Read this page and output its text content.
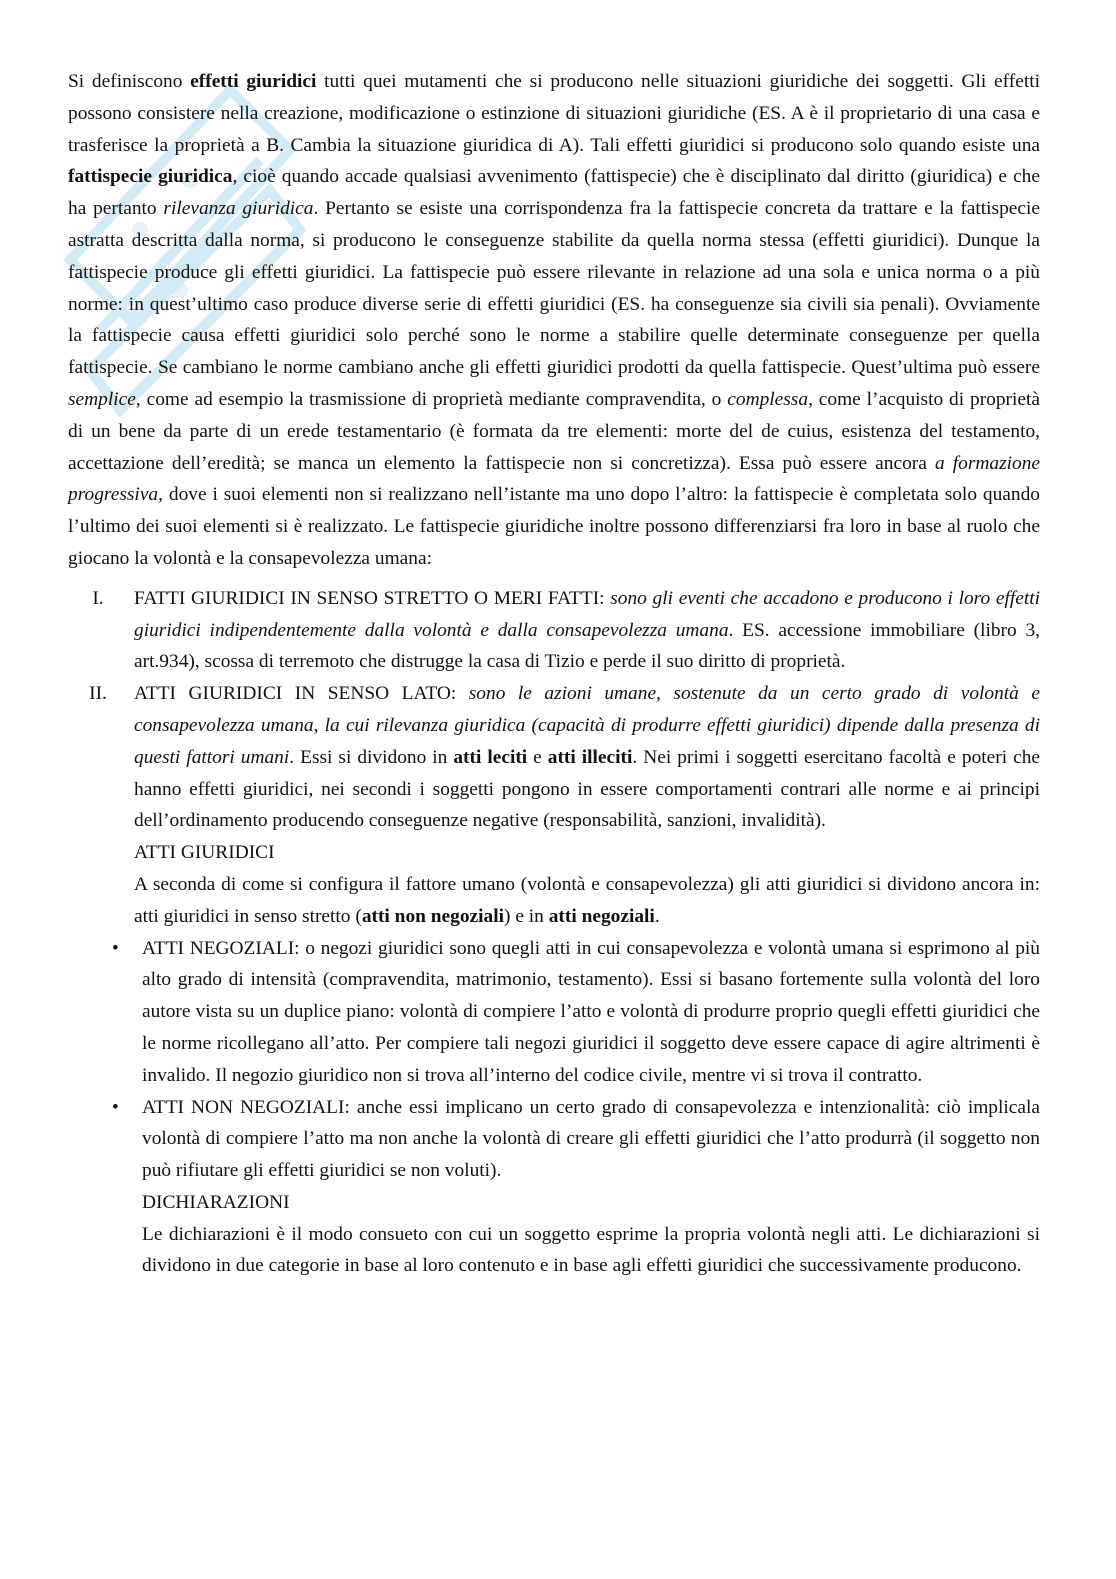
Si definiscono effetti giuridici tutti quei mutamenti che si producono nelle situazioni giuridiche dei soggetti. Gli effetti possono consistere nella creazione, modificazione o estinzione di situazioni giuridiche (ES. A è il proprietario di una casa e trasferisce la proprietà a B. Cambia la situazione giuridica di A). Tali effetti giuridici si producono solo quando esiste una fattispecie giuridica, cioè quando accade qualsiasi avvenimento (fattispecie) che è disciplinato dal diritto (giuridica) e che ha pertanto rilevanza giuridica. Pertanto se esiste una corrispondenza fra la fattispecie concreta da trattare e la fattispecie astratta descritta dalla norma, si producono le conseguenze stabilite da quella norma stessa (effetti giuridici). Dunque la fattispecie produce gli effetti giuridici. La fattispecie può essere rilevante in relazione ad una sola e unica norma o a più norme: in quest’ultimo caso produce diverse serie di effetti giuridici (ES. ha conseguenze sia civili sia penali). Ovviamente la fattispecie causa effetti giuridici solo perché sono le norme a stabilire quelle determinate conseguenze per quella fattispecie. Se cambiano le norme cambiano anche gli effetti giuridici prodotti da quella fattispecie. Quest’ultima può essere semplice, come ad esempio la trasmissione di proprietà mediante compravendita, o complessa, come l’acquisto di proprietà di un bene da parte di un erede testamentario (è formata da tre elementi: morte del de cuius, esistenza del testamento, accettazione dell’eredità; se manca un elemento la fattispecie non si concretizza). Essa può essere ancora a formazione progressiva, dove i suoi elementi non si realizzano nell’istante ma uno dopo l’altro: la fattispecie è completata solo quando l’ultimo dei suoi elementi si è realizzato. Le fattispecie giuridiche inoltre possono differenziarsi fra loro in base al ruolo che giocano la volontà e la consapevolezza umana:

I.	FATTI GIURIDICI IN SENSO STRETTO O MERI FATTI: sono gli eventi che accadono e producono i loro effetti giuridici indipendentemente dalla volontà e dalla consapevolezza umana. ES. accessione immobiliare (libro 3, art.934), scossa di terremoto che distrugge la casa di Tizio e perde il suo diritto di proprietà.
II.	ATTI GIURIDICI IN SENSO LATO: sono le azioni umane, sostenute da un certo grado di volontà e consapevolezza umana, la cui rilevanza giuridica (capacità di produrre effetti giuridici) dipende dalla presenza di questi fattori umani. Essi si dividono in atti leciti e atti illeciti. Nei primi i soggetti esercitano facoltà e poteri che hanno effetti giuridici, nei secondi i soggetti pongono in essere comportamenti contrari alle norme e ai principi dell’ordinamento producendo conseguenze negative (responsabilità, sanzioni, invalidità).

ATTI GIURIDICI

A seconda di come si configura il fattore umano (volontà e consapevolezza) gli atti giuridici si dividono ancora in: atti giuridici in senso stretto (atti non negoziali) e in atti negoziali.

• ATTI NEGOZIALI: o negozi giuridici sono quegli atti in cui consapevolezza e volontà umana si esprimono al più alto grado di intensità (compravendita, matrimonio, testamento). Essi si basano fortemente sulla volontà del loro autore vista su un duplice piano: volontà di compiere l’atto e volontà di produrre proprio quegli effetti giuridici che le norme ricollegano all’atto. Per compiere tali negozi giuridici il soggetto deve essere capace di agire altrimenti è invalido. Il negozio giuridico non si trova all’interno del codice civile, mentre vi si trova il contratto.
• ATTI NON NEGOZIALI: anche essi implicano un certo grado di consapevolezza e intenzionalità: ciò implicala volontà di compiere l’atto ma non anche la volontà di creare gli effetti giuridici che l’atto produrrà (il soggetto non può rifiutare gli effetti giuridici se non voluti).

DICHIARAZIONI

Le dichiarazioni è il modo consueto con cui un soggetto esprime la propria volontà negli atti. Le dichiarazioni si dividono in due categorie in base al loro contenuto e in base agli effetti giuridici che successivamente producono.
